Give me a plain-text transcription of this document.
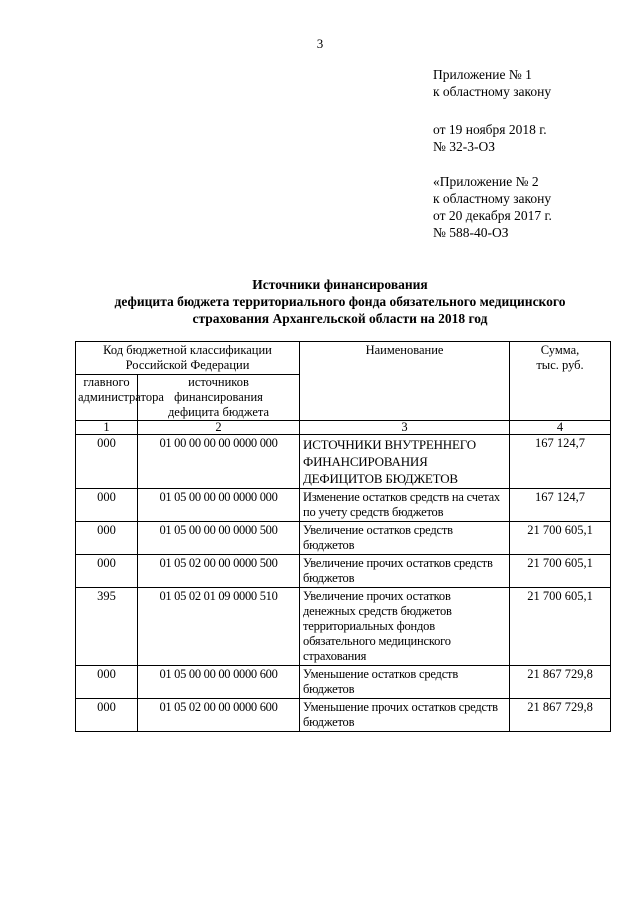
3
Приложение № 1
к областному закону
от 19 ноября 2018 г.
№ 32-3-ОЗ
«Приложение № 2
к областному закону
от 20 декабря 2017 г.
№ 588-40-ОЗ
Источники финансирования
дефицита бюджета территориального фонда обязательного медицинского
страхования Архангельской области на 2018 год
Код бюджетной классификации Российской Федерации		Наименование	Сумма, тыс. руб.
главного администратора	источников финансирования дефицита бюджета		
1	2	3	4
000	01 00 00 00 00 0000 000	ИСТОЧНИКИ ВНУТРЕННЕГО ФИНАНСИРОВАНИЯ ДЕФИЦИТОВ БЮДЖЕТОВ	167 124,7
000	01 05 00 00 00 0000 000	Изменение остатков средств на счетах по учету средств бюджетов	167 124,7
000	01 05 00 00 00 0000 500	Увеличение остатков средств бюджетов	21 700 605,1
000	01 05 02 00 00 0000 500	Увеличение прочих остатков средств бюджетов	21 700 605,1
395	01 05 02 01 09 0000 510	Увеличение прочих остатков денежных средств бюджетов территориальных фондов обязательного медицинского страхования	21 700 605,1
000	01 05 00 00 00 0000 600	Уменьшение остатков средств бюджетов	21 867 729,8
000	01 05 02 00 00 0000 600	Уменьшение прочих остатков средств бюджетов	21 867 729,8
